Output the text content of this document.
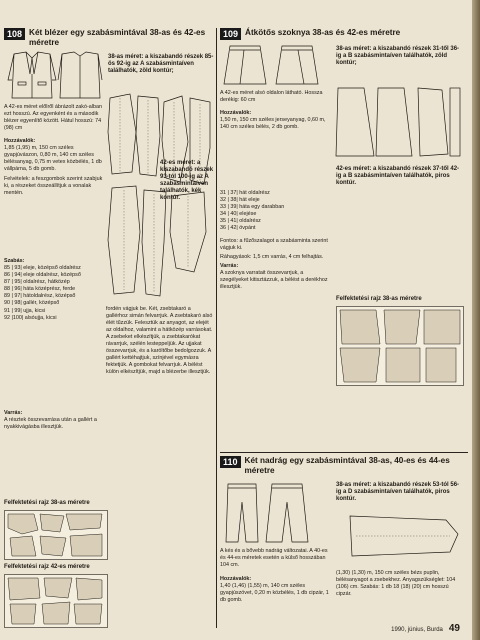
108 Két blézer egy szabásmintával 38-as és 42-es méretre
A 42-es méret előlről ábrázolt zakó-alban ezt hosszú. Az egyenként és a második blézer egyenlítő között. Hátul hosszú: 74 (98) cm
Hozzávalók:
1,85 (1,95) m, 150 cm széles gyapjúvászon, 0,80 m, 140 cm széles bélésanyag, 0,75 m vetex közbélés, 1 db vállpárna, 5 db gomb.
Felvételek: a feszgombok szerint szabjuk ki, a részeket összeállítjuk a vonalak mentén.
Szabás:
85 | 93| eleje, középső oldalrész
86 | 94| eleje oldalrész, középső
87 | 95| oldalrész, hátközép
88 | 96| háta középrész, ferde
89 | 97| hátoldalrész, középső
90 | 98| gallér, középső
91 | 99| ujja, kicsi
92 |100| alsóujja, kicsi
Varrás:
A résztek összevarrása után a gallért a nyakkivágásba illesztjük.
Felfektetési rajz 38-as méretre
Felfektetési rajz 42-es méretre
38-as méret: a kiszabandó részek 85-ös 92-ig az A szabásmintaíven találhatók, zöld kontúr;
42-es méret: a kiszabandó részek 93-tól 100-ig az A szabásmintaíven találhatók, kék kontúr.
fordén vágjuk be. Két, zsebtakaró a gallérhoz simán felvarrjuk. A zsebtakaró alsó élét tűzzük. Felesztük az anyagot, az elejét az oldalhoz, valamint a hátközép varrásokat. A zsebeket elkészítjük, a zsebtakarókat rávarrjuk, szélén lesteppeljük. Az ujjakat összevarrjuk, és a karöltőbe bedolgozzuk. A gallért kettéhajtjuk, színjével egymásra fektetjük. A gombokat felvarrjuk. A bélést külön elkészítjük, majd a blézerbe illesztjük.
109 Átkötős szoknya 38-as és 42-es méretre
38-as méret: a kiszabandó részek 31-től 36-ig a B szabásmintaíven találhatók, zöld kontúr;
A 42-es méret alsó oldalon látható. Hossza derékig: 60 cm
Hozzávalók:
1,50 m, 150 cm széles jerseyanyag, 0,60 m, 140 cm széles bélés, 2 db gomb.
42-es méret: a kiszabandó részek 37-től 42-ig a B szabásmintaíven találhatók, piros kontúr.
31 | 37| hát oldalrész
32 | 38| hát eleje
33 | 39| háta egy darabban
34 | 40| elejése
35 | 41| oldalrész
36 | 42| övpánt
Fontos: a fűzőszalagot a szabásminta szerint vágjuk ki.
Ráhagyások: 1,5 cm varrás, 4 cm felhajtás.
Varrás:
A szoknya varratait összevarrjuk, a szegélyeket kitisztázzuk, a bélést a derékhoz illesztjük.
Felfektetési rajz 38-as méretre
110 Két nadrág egy szabásmintával 38-as, 40-es és 44-es méretre
38-as méret: a kiszabandó részek 53-tól 56-ig a D szabásmintaíven találhatók, piros kontúr.
A kés és a bővebb nadrág változatai. A 40-es és 44-es méretek esetén a külső hosszában 104 cm.
Hozzávalók:
1,40 (1,46) (1,55) m, 140 cm széles gyapjúszövet, 0,20 m közbélés, 1 db cipzár, 1 db gomb.
(1,30) (1,30) m, 150 cm széles bézs puplin, bélésanyagot a zsebekhez. Anyagszükséglet: 104 (106) cm. Szabás: 1 db 18 (18) (20) cm hosszú cipzár.
1990, június, Burda 49
